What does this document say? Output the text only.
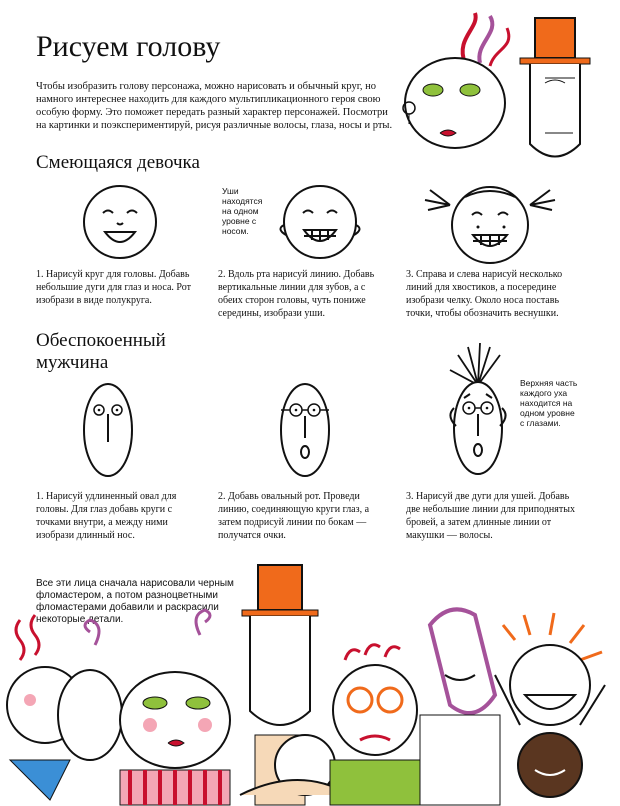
Рисуем голову
Чтобы изобразить голову персонажа, можно нарисовать и обычный круг, но намного интереснее находить для каждого мультипликационного героя свою особую форму. Это поможет передать разный характер персонажей. Посмотри на картинки и поэкспериментируй, рисуя различные волосы, глаза, носы и рты.
Смеющаяся девочка
Уши находятся на одном уровне с носом.
1. Нарисуй круг для головы. Добавь небольшие дуги для глаз и носа. Рот изобрази в виде полукруга.
2. Вдоль рта нарисуй линию. Добавь вертикальные линии для зубов, а с обеих сторон головы, чуть пониже середины, изобрази уши.
3. Справа и слева нарисуй несколько линий для хвостиков, а посередине изобрази челку. Около носа поставь точки, чтобы обозначить веснушки.
Обеспокоенный мужчина
Верхняя часть каждого уха находится на одном уровне с глазами.
1. Нарисуй удлиненный овал для головы. Для глаз добавь круги с точками внутри, а между ними изобрази длинный нос.
2. Добавь овальный рот. Проведи линию, соединяющую круги глаз, а затем подрисуй линии по бокам — получатся очки.
3. Нарисуй две дуги для ушей. Добавь две небольшие линии для приподнятых бровей, а затем длинные линии от макушки — волосы.
Все эти лица сначала нарисовали черным фломастером, а потом разноцветными фломастерами добавили и раскрасили некоторые детали.
